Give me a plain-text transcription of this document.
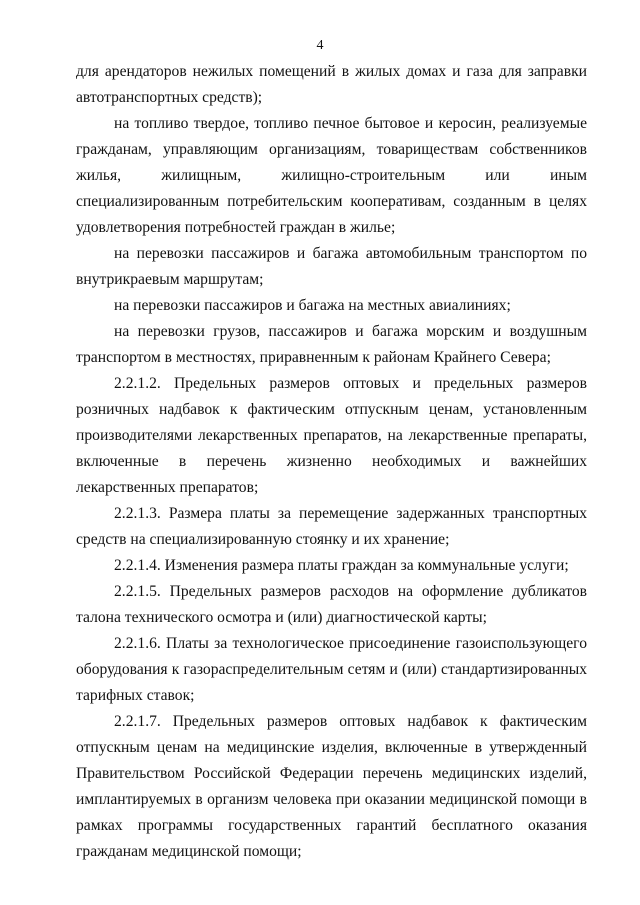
4

для арендаторов нежилых помещений в жилых домах и газа для заправки автотранспортных средств);

на топливо твердое, топливо печное бытовое и керосин, реализуемые гражданам, управляющим организациям, товариществам собственников жилья, жилищным, жилищно-строительным или иным специализированным потребительским кооперативам, созданным в целях удовлетворения потребностей граждан в жилье;

на перевозки пассажиров и багажа автомобильным транспортом по внутрикраевым маршрутам;

на перевозки пассажиров и багажа на местных авиалиниях;

на перевозки грузов, пассажиров и багажа морским и воздушным транспортом в местностях, приравненным к районам Крайнего Севера;

2.2.1.2. Предельных размеров оптовых и предельных размеров розничных надбавок к фактическим отпускным ценам, установленным производителями лекарственных препаратов, на лекарственные препараты, включенные в перечень жизненно необходимых и важнейших лекарственных препаратов;

2.2.1.3. Размера платы за перемещение задержанных транспортных средств на специализированную стоянку и их хранение;

2.2.1.4. Изменения размера платы граждан за коммунальные услуги;

2.2.1.5. Предельных размеров расходов на оформление дубликатов талона технического осмотра и (или) диагностической карты;

2.2.1.6. Платы за технологическое присоединение газоиспользующего оборудования к газораспределительным сетям и (или) стандартизированных тарифных ставок;

2.2.1.7. Предельных размеров оптовых надбавок к фактическим отпускным ценам на медицинские изделия, включенные в утвержденный Правительством Российской Федерации перечень медицинских изделий, имплантируемых в организм человека при оказании медицинской помощи в рамках программы государственных гарантий бесплатного оказания гражданам медицинской помощи;
